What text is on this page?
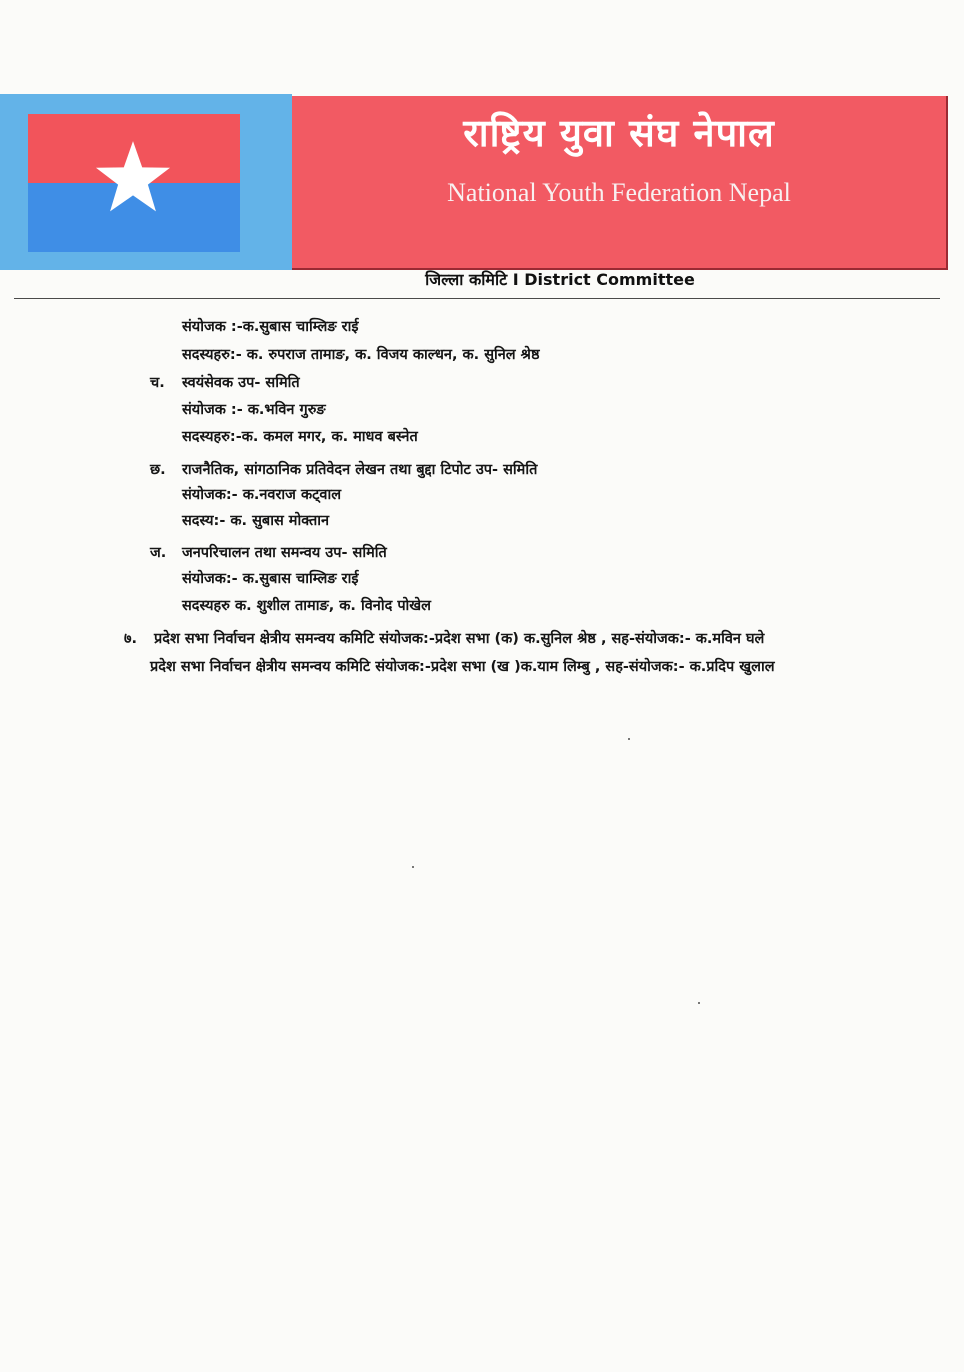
राष्ट्रिय युवा संघ नेपाल
National Youth Federation Nepal
जिल्ला कमिटि I District Committee
संयोजक :-क.सुबास चाम्लिङ राई
सदस्यहरु:- क. रुपराज तामाङ, क. विजय काल्धन, क. सुनिल श्रेष्ठ
च. स्वयंसेवक उप- समिति
संयोजक :- क.भविन गुरुङ
सदस्यहरु:-क. कमल मगर, क. माधव बस्नेत
छ. राजनैतिक, सांगठानिक प्रतिवेदन लेखन तथा बुद्दा टिपोट उप- समिति
संयोजक:- क.नवराज कट्वाल
सदस्य:- क. सुबास मोक्तान
ज. जनपरिचालन तथा समन्वय उप- समिति
संयोजक:- क.सुबास चाम्लिङ राई
सदस्यहरु क. शुशील तामाङ, क. विनोद पोखेल
७. प्रदेश सभा निर्वाचन क्षेत्रीय समन्वय कमिटि संयोजक:-प्रदेश सभा (क) क.सुनिल श्रेष्ठ , सह-संयोजक:- क.मविन घले
प्रदेश सभा निर्वाचन क्षेत्रीय समन्वय कमिटि संयोजक:-प्रदेश सभा (ख )क.याम लिम्बु , सह-संयोजक:- क.प्रदिप खुलाल
